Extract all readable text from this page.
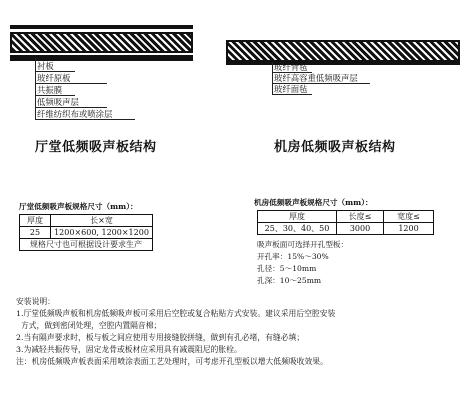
衬板
玻纤原板
共振膜
低频吸声层
纤维纺织布或喷涂层
厅堂低频吸声板结构
玻纤背毡
玻纤高容重低频吸声层
玻纤面毡
机房低频吸声板结构
厅堂低频吸声板规格尺寸（mm）：
厚度	长×宽
25	1200×600, 1200×1200
规格尺寸也可根据设计要求生产	
机房低频吸声板规格尺寸（mm）：
厚度	长度≤	宽度≤
25、30、40、50	3000	1200
吸声板面可选择开孔型板：
开孔率：15%～30%
孔径：5～10mm
孔深：10～25mm
安装说明：
1.厅堂低频吸声板和机房低频吸声板可采用后空腔或复合粘贴方式安装。建议采用后空腔安装
方式，做到密闭处理，空腔内置隔音棉；
2.当有隔声要求时，板与板之间应使用专用接缝胶拼缝，做到有孔必堵，有缝必填；
3.为减轻共振传导，固定龙骨或板材应采用具有减震阻尼的胀栓。
注：机房低频吸声板表面采用喷涂表面工艺处理时，可考虑开孔型板以增大低频吸收效果。
